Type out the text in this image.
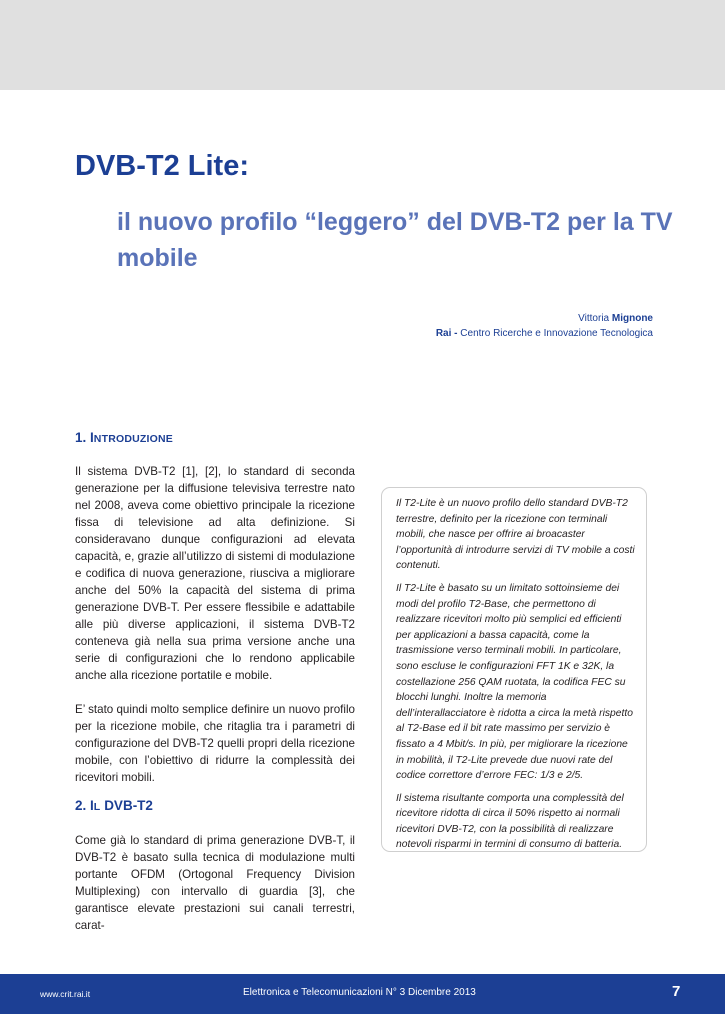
DVB-T2 Lite:
il nuovo profilo “leggero” del DVB-T2 per la TV mobile
Vittoria Mignone
Rai - Centro Ricerche e Innovazione Tecnologica
1. INTRODUZIONE

Il sistema DVB-T2 [1], [2], lo standard di seconda generazione per la diffusione televisiva terrestre nato nel 2008, aveva come obiettivo principale la ricezione fissa di televisione ad alta definizione. Si consideravano dunque configurazioni ad elevata capacità, e, grazie all’utilizzo di sistemi di modulazione e codifica di nuova generazione, riusciva a migliorare anche del 50% la capacità del sistema di prima generazione DVB-T. Per essere flessibile e adattabile alle più diverse applicazioni, il sistema DVB-T2 conteneva già nella sua prima versione anche una serie di configurazioni che lo rendono applicabile anche alla ricezione portatile e mobile.

E’ stato quindi molto semplice definire un nuovo profilo per la ricezione mobile, che ritaglia tra i parametri di configurazione del DVB-T2 quelli propri della ricezione mobile, con l’obiettivo di ridurre la complessità dei ricevitori mobili.

2. IL DVB-T2

Come già lo standard di prima generazione DVB-T, il DVB-T2 è basato sulla tecnica di modulazione multi portante OFDM (Ortogonal Frequency Division Multiplexing) con intervallo di guardia [3], che garantisce elevate prestazioni sui canali terrestri, carat-

Il T2-Lite è un nuovo profilo dello standard DVB-T2 terrestre, definito per la ricezione con terminali mobili, che nasce per offrire ai broacaster l’opportunità di introdurre servizi di TV mobile a costi contenuti.

Il T2-Lite è basato su un limitato sottoinsieme dei modi del profilo T2-Base, che permettono di realizzare ricevitori molto più semplici ed efficienti per applicazioni a bassa capacità, come la trasmissione verso terminali mobili. In particolare, sono escluse le configurazioni FFT 1K e 32K, la costellazione 256 QAM ruotata, la codifica FEC su blocchi lunghi. Inoltre la memoria dell’interallacciatore è ridotta a circa la metà rispetto al T2-Base ed il bit rate massimo per servizio è fissato a 4 Mbit/s. In più, per migliorare la ricezione in mobilità, il T2-Lite prevede due nuovi rate del codice correttore d’errore FEC: 1/3 e 2/5.

Il sistema risultante comporta una complessità del ricevitore ridotta di circa il 50% rispetto ai normali ricevitori DVB-T2, con la possibilità di realizzare notevoli risparmi in termini di consumo di batteria.

www.crit.rai.it	Elettronica e Telecomunicazioni N° 3 Dicembre 2013	7
